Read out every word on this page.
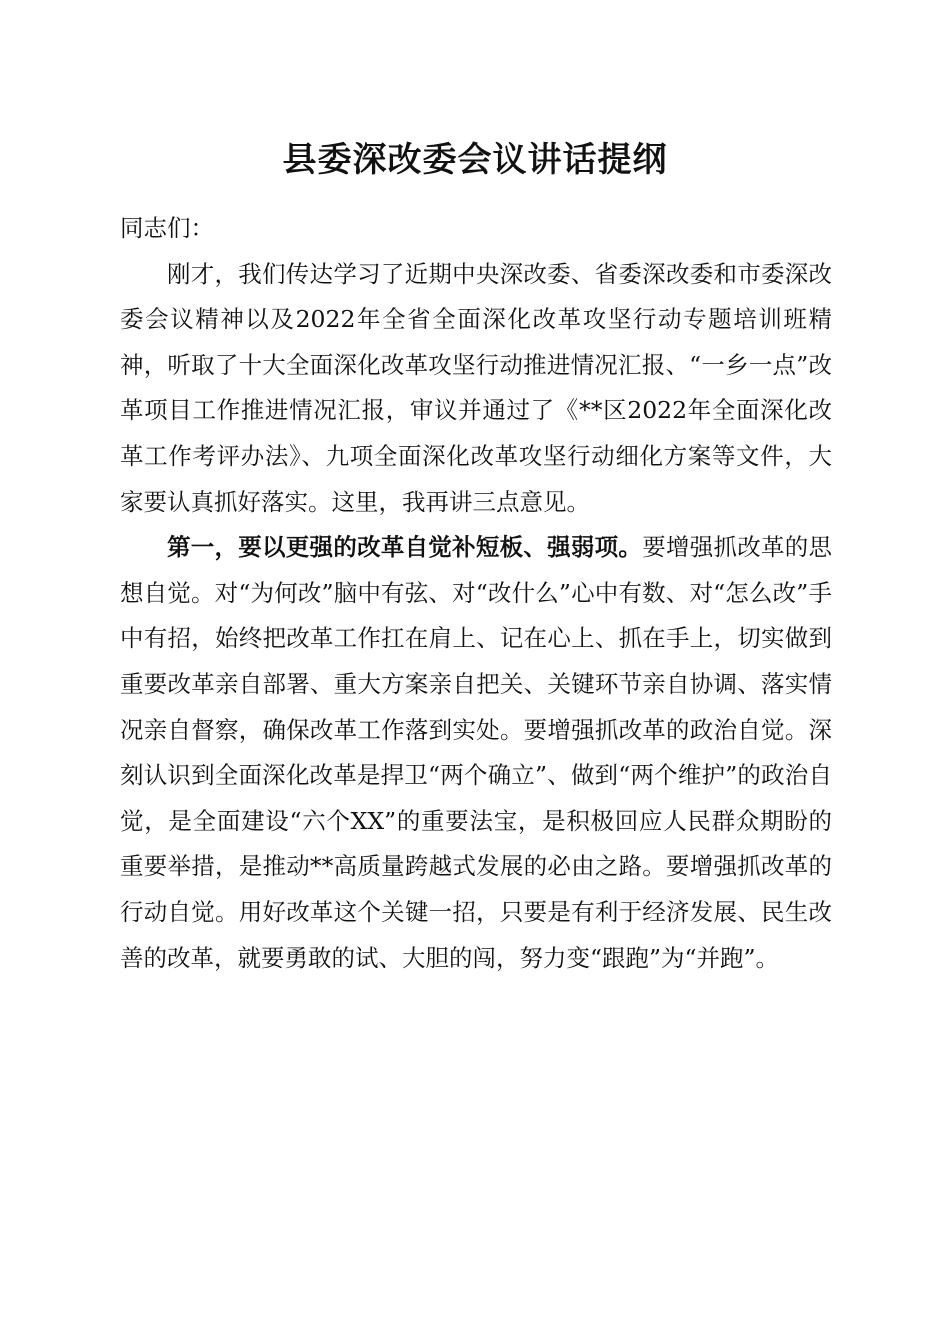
县委深改委会议讲话提纲

同志们：

刚才，我们传达学习了近期中央深改委、省委深改委和市委深改委会议精神以及2022年全省全面深化改革攻坚行动专题培训班精神，听取了十大全面深化改革攻坚行动推进情况汇报、“一乡一点”改革项目工作推进情况汇报，审议并通过了《**区2022年全面深化改革工作考评办法》、九项全面深化改革攻坚行动细化方案等文件，大家要认真抓好落实。这里，我再讲三点意见。

第一，要以更强的改革自觉补短板、强弱项。要增强抓改革的思想自觉。对“为何改”脑中有弦、对“改什么”心中有数、对“怎么改”手中有招，始终把改革工作扛在肩上、记在心上、抓在手上，切实做到重要改革亲自部署、重大方案亲自把关、关键环节亲自协调、落实情况亲自督察，确保改革工作落到实处。要增强抓改革的政治自觉。深刻认识到全面深化改革是捍卫“两个确立”、做到“两个维护”的政治自觉，是全面建设“六个XX”的重要法宝，是积极回应人民群众期盼的重要举措，是推动**高质量跨越式发展的必由之路。要增强抓改革的行动自觉。用好改革这个关键一招，只要是有利于经济发展、民生改善的改革，就要勇敢的试、大胆的闯，努力变“跟跑”为“并跑”。
